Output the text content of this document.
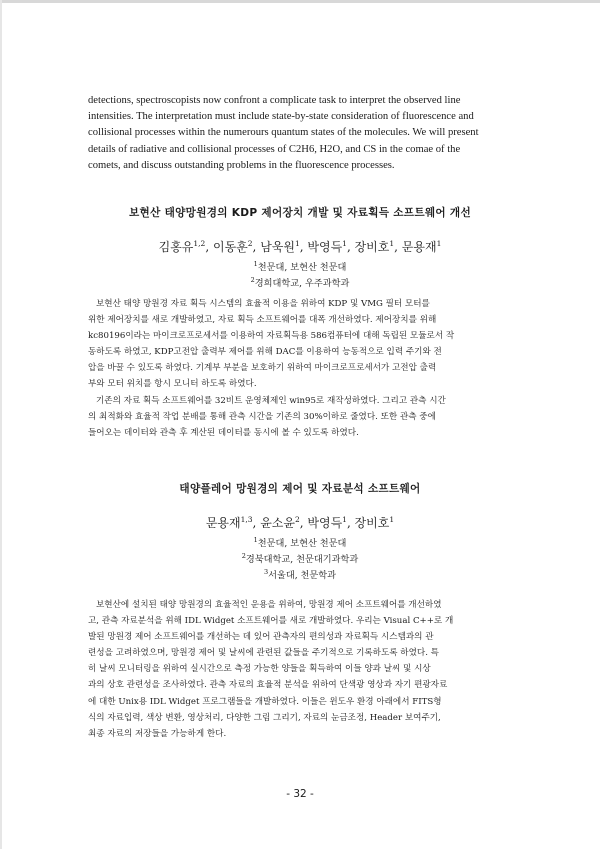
detections, spectroscopists now confront a complicate task to interpret the observed line
intensities. The interpretation must include state-by-state consideration of fluorescence and
collisional processes within the numerours quantum states of the molecules. We will present
details of radiative and collisional processes of C2H6, H2O, and CS in the comae of the
comets, and discuss outstanding problems in the fluorescence processes.
보현산 태양망원경의 KDP 제어장치 개발 및 자료획득 소프트웨어 개선
김홍유$^{1,2}$, 이동훈$^2$, 남욱원$^1$, 박영득$^1$, 장비호$^1$, 문용재$^1$
$^1$천문대, 보현산 천문대
$^2$경희대학교, 우주과학과
보현산 태양 망원경 자료 획득 시스템의 효율적 이용을 위하여 KDP 및 VMG 필터 모터를
위한 제어장치를 새로 개발하였고, 자료 획득 소프트웨어를 대폭 개선하였다. 제어장치를 위해
kc80196이라는 마이크로프로세서를 이용하여 자료획득용 586컴퓨터에 대해 독립된 모듈로서 작
동하도록 하였고, KDP고전압 출력부 제어를 위해 DAC를 이용하여 능동적으로 입력 주기와 전
압을 바꿀 수 있도록 하였다. 기계부 부분을 보호하기 위하여 마이크로프로세서가 고전압 출력
부와 모터 위치를 항시 모니터 하도록 하였다.
기존의 자료 획득 소프트웨어를 32비트 운영체제인 win95로 재작성하였다. 그리고 관측 시간
의 최적화와 효율적 작업 분배를 통해 관측 시간을 기존의 30%이하로 줄였다. 또한 관측 중에
들어오는 데이터와 관측 후 계산된 데이터를 동시에 볼 수 있도록 하였다.
태양플레어 망원경의 제어 및 자료분석 소프트웨어
문용재$^{1,3}$, 윤소윤$^2$, 박영득$^1$, 장비호$^1$
$^1$천문대, 보현산 천문대
$^2$경북대학교, 천문대기과학과
$^3$서울대, 천문학과
보현산에 설치된 태양 망원경의 효율적인 운용을 위하여, 망원경 제어 소프트웨어를 개선하였
고, 관측 자료분석을 위해 IDL Widget 소프트웨어를 새로 개발하였다. 우리는 Visual C++로 개
발된 망원경 제어 소프트웨어를 개선하는 데 있어 관측자의 편의성과 자료획득 시스템과의 관
련성을 고려하였으며, 망원경 제어 및 날씨에 관련된 값들을 주기적으로 기록하도록 하였다. 특
히 날씨 모니터링을 위하여 실시간으로 측정 가능한 양들을 획득하여 이들 양과 날씨 및 시상
과의 상호 관련성을 조사하였다. 관측 자료의 효율적 분석을 위하여 단색광 영상과 자기 편광자료
에 대한 Unix용 IDL Widget 프로그램들을 개발하였다. 이들은 윈도우 환경 아래에서 FITS형
식의 자료입력, 색상 변환, 영상처리, 다양한 그림 그리기, 자료의 눈금조정, Header 보여주기,
최종 자료의 저장들을 가능하게 한다.
- 32 -
